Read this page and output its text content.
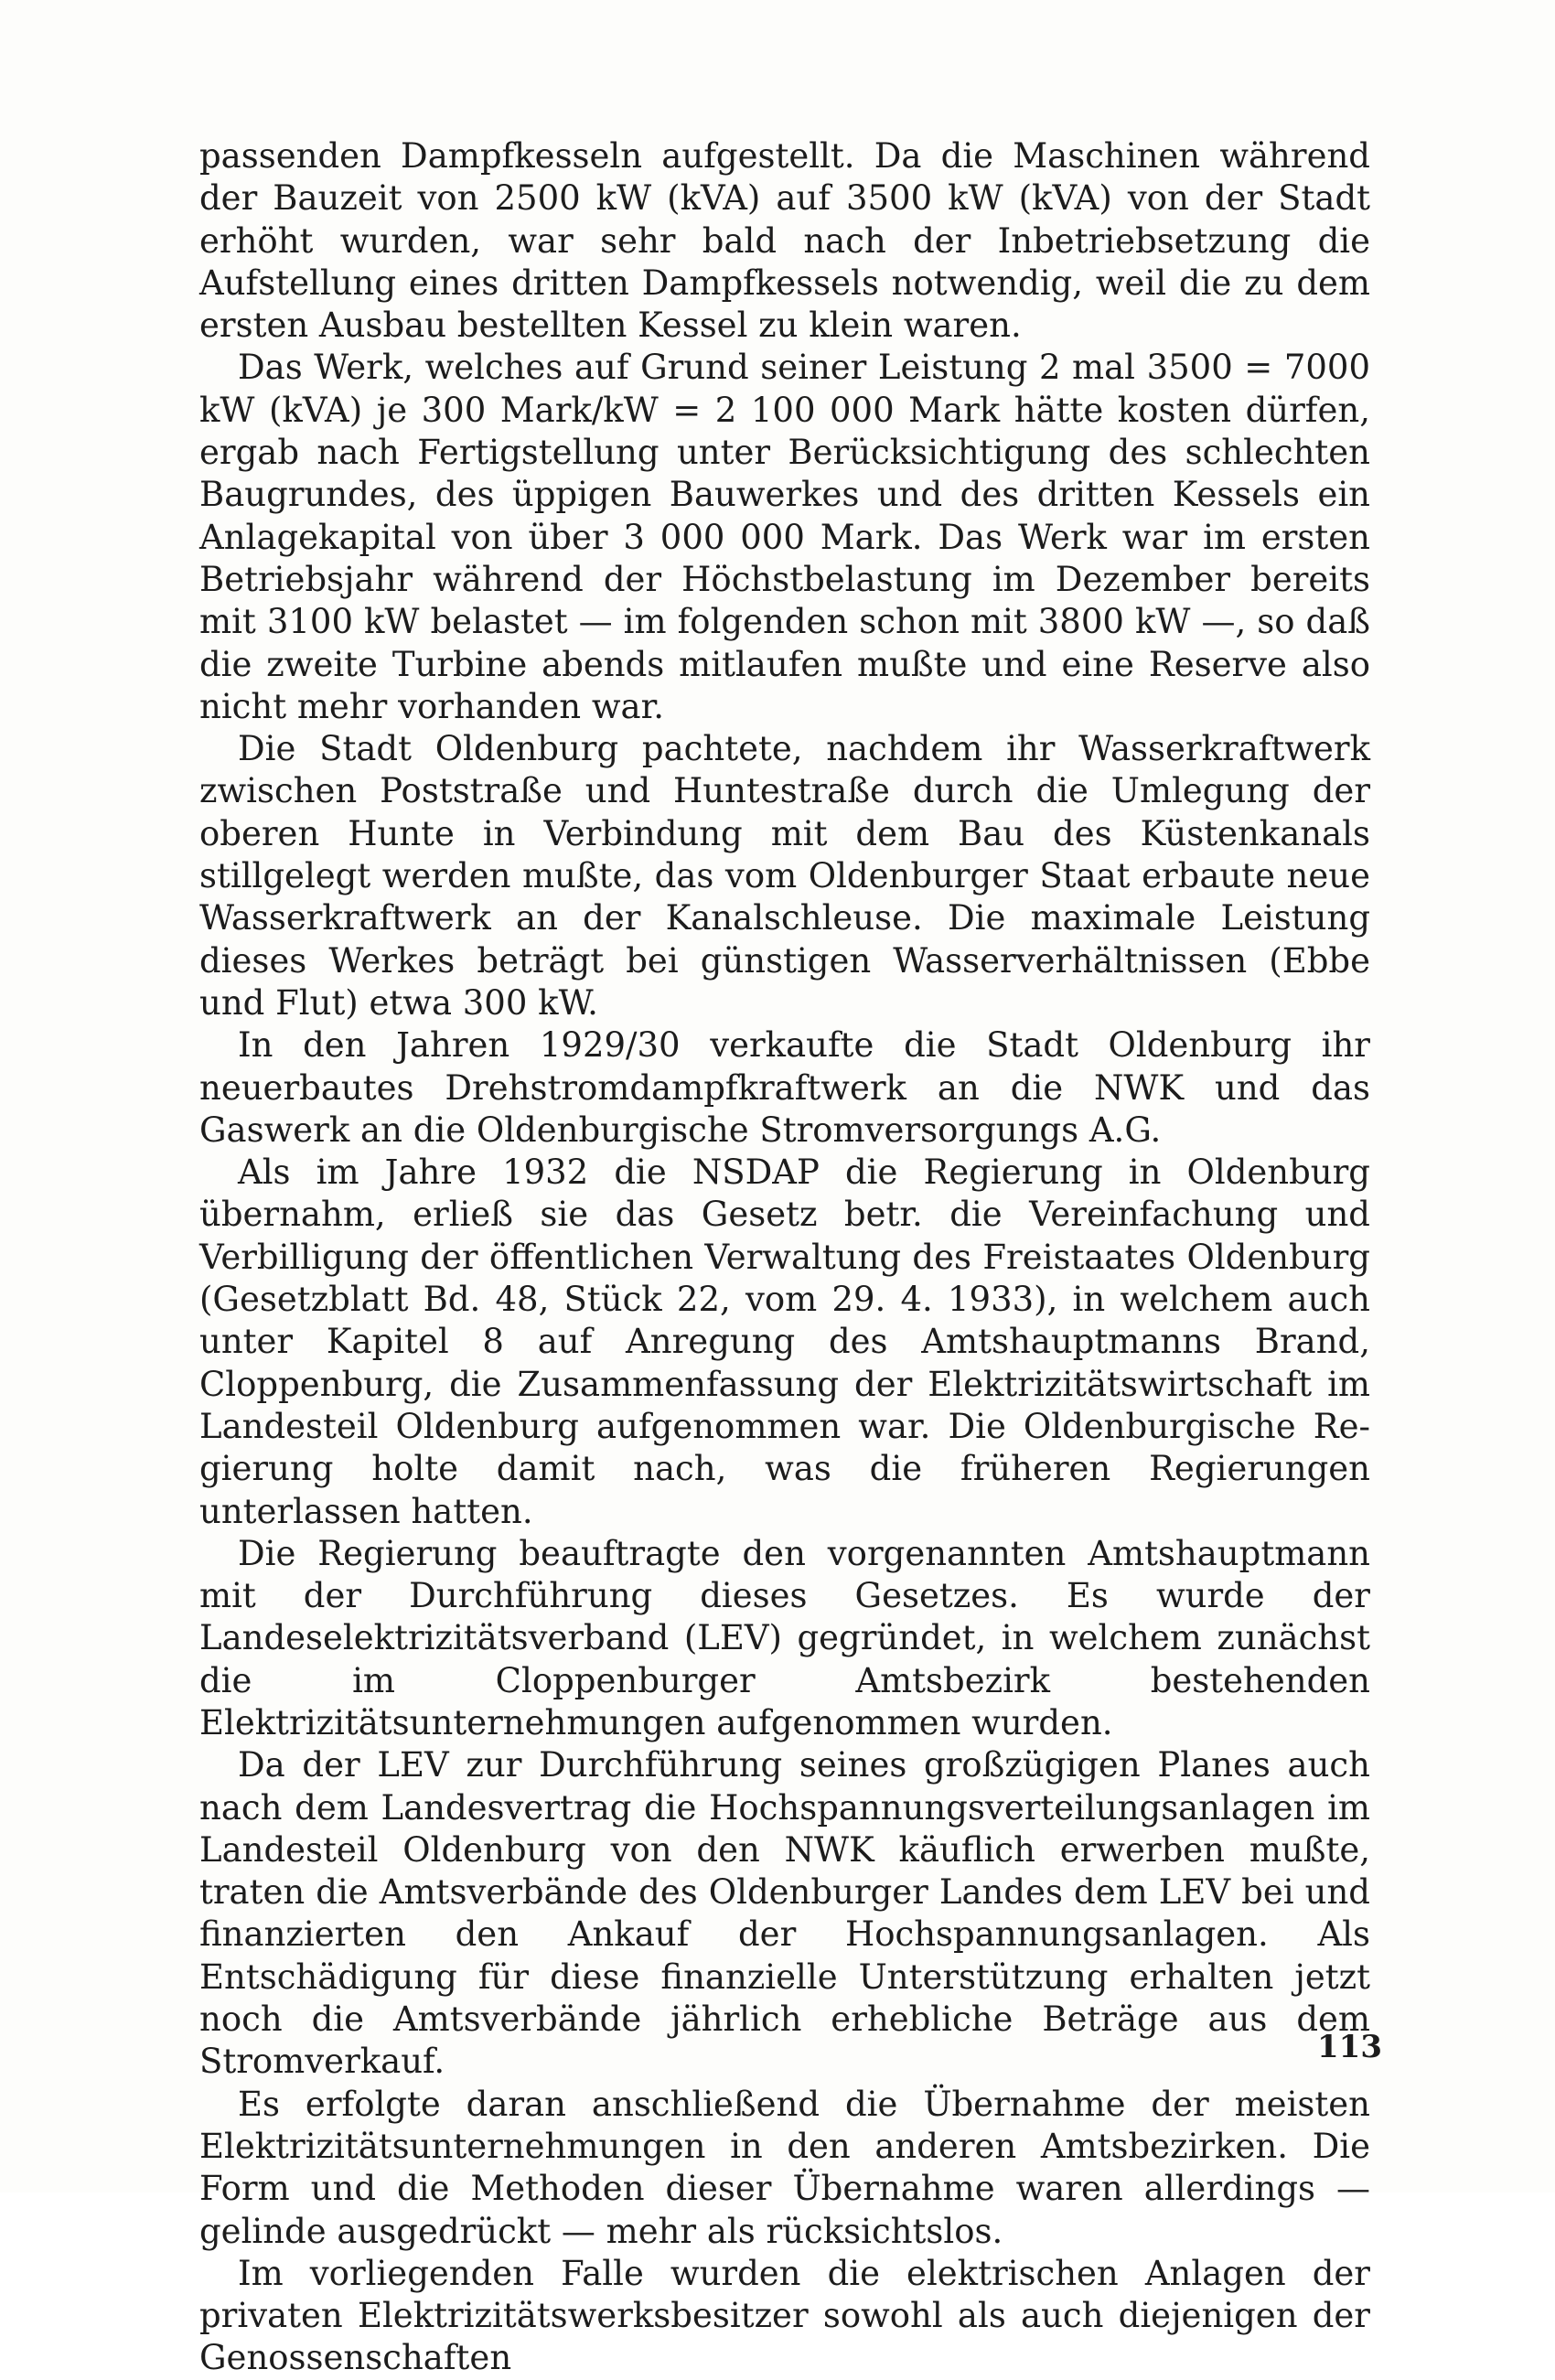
passenden Dampfkesseln aufgestellt. Da die Maschinen während der Bauzeit von 2500 kW (kVA) auf 3500 kW (kVA) von der Stadt erhöht wurden, war sehr bald nach der Inbetriebsetzung die Aufstellung eines dritten Dampfkessels notwendig, weil die zu dem ersten Ausbau bestellten Kessel zu klein waren.

Das Werk, welches auf Grund seiner Leistung 2 mal 3500 = 7000 kW (kVA) je 300 Mark/kW = 2 100 000 Mark hätte kosten dürfen, ergab nach Fertigstellung unter Berücksichtigung des schlechten Baugrundes, des üppigen Bauwerkes und des dritten Kessels ein Anlagekapital von über 3 000 000 Mark. Das Werk war im ersten Betriebsjahr während der Höchstbelastung im Dezember bereits mit 3100 kW belastet — im folgenden schon mit 3800 kW —, so daß die zweite Turbine abends mitlaufen mußte und eine Reserve also nicht mehr vorhanden war.

Die Stadt Oldenburg pachtete, nachdem ihr Wasserkraftwerk zwischen Poststraße und Huntestraße durch die Umlegung der oberen Hunte in Verbindung mit dem Bau des Küstenkanals stillgelegt werden mußte, das vom Oldenburger Staat erbaute neue Wasserkraftwerk an der Kanalschleuse. Die maximale Leistung dieses Werkes beträgt bei günstigen Wasserverhältnissen (Ebbe und Flut) etwa 300 kW.

In den Jahren 1929/30 verkaufte die Stadt Oldenburg ihr neuerbautes Drehstromdampfkraftwerk an die NWK und das Gaswerk an die Oldenburgische Stromversorgungs A.G.

Als im Jahre 1932 die NSDAP die Regierung in Oldenburg übernahm, erließ sie das Gesetz betr. die Vereinfachung und Verbilligung der öffentlichen Verwaltung des Freistaates Oldenburg (Gesetzblatt Bd. 48, Stück 22, vom 29. 4. 1933), in welchem auch unter Kapitel 8 auf Anregung des Amtshauptmanns Brand, Cloppenburg, die Zusammenfassung der Elektrizitätswirtschaft im Landesteil Oldenburg aufgenommen war. Die Oldenburgische Regierung holte damit nach, was die früheren Regierungen unterlassen hatten.

Die Regierung beauftragte den vorgenannten Amtshauptmann mit der Durchführung dieses Gesetzes. Es wurde der Landeselektrizitätsverband (LEV) gegründet, in welchem zunächst die im Cloppenburger Amtsbezirk bestehenden Elektrizitätsunternehmungen aufgenommen wurden.

Da der LEV zur Durchführung seines großzügigen Planes auch nach dem Landesvertrag die Hochspannungsverteilungsanlagen im Landesteil Oldenburg von den NWK käuflich erwerben mußte, traten die Amtsverbände des Oldenburger Landes dem LEV bei und finanzierten den Ankauf der Hochspannungsanlagen. Als Entschädigung für diese finanzielle Unterstützung erhalten jetzt noch die Amtsverbände jährlich erhebliche Beträge aus dem Stromverkauf.

Es erfolgte daran anschließend die Übernahme der meisten Elektrizitätsunternehmungen in den anderen Amtsbezirken. Die Form und die Methoden dieser Übernahme waren allerdings — gelinde ausgedrückt — mehr als rücksichtslos.

Im vorliegenden Falle wurden die elektrischen Anlagen der privaten Elektrizitätswerksbesitzer sowohl als auch diejenigen der Genossenschaften

113
